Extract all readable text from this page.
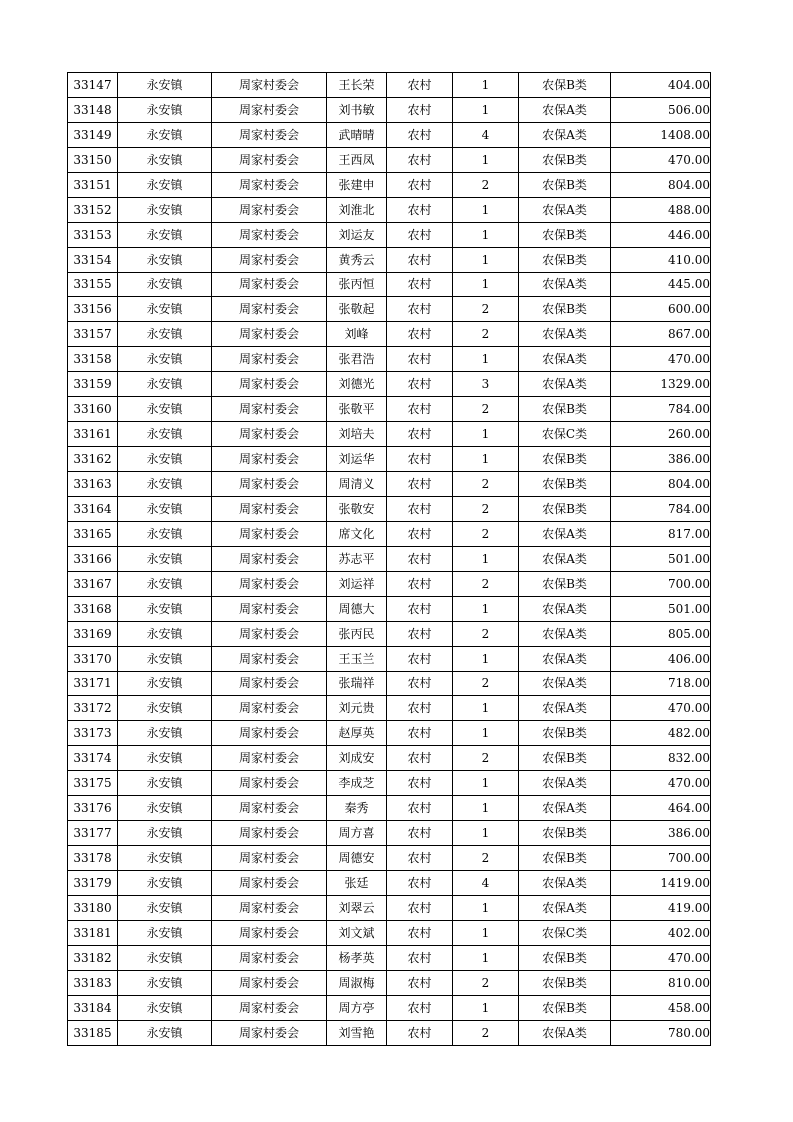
33147	永安镇	周家村委会	王长荣	农村	1	农保B类	404.00
33148	永安镇	周家村委会	刘书敏	农村	1	农保A类	506.00
33149	永安镇	周家村委会	武晴晴	农村	4	农保A类	1408.00
33150	永安镇	周家村委会	王西凤	农村	1	农保B类	470.00
33151	永安镇	周家村委会	张建申	农村	2	农保B类	804.00
33152	永安镇	周家村委会	刘淮北	农村	1	农保A类	488.00
33153	永安镇	周家村委会	刘运友	农村	1	农保B类	446.00
33154	永安镇	周家村委会	黄秀云	农村	1	农保B类	410.00
33155	永安镇	周家村委会	张丙恒	农村	1	农保A类	445.00
33156	永安镇	周家村委会	张敬起	农村	2	农保B类	600.00
33157	永安镇	周家村委会	刘峰	农村	2	农保A类	867.00
33158	永安镇	周家村委会	张君浩	农村	1	农保A类	470.00
33159	永安镇	周家村委会	刘德光	农村	3	农保A类	1329.00
33160	永安镇	周家村委会	张敬平	农村	2	农保B类	784.00
33161	永安镇	周家村委会	刘培夫	农村	1	农保C类	260.00
33162	永安镇	周家村委会	刘运华	农村	1	农保B类	386.00
33163	永安镇	周家村委会	周清义	农村	2	农保B类	804.00
33164	永安镇	周家村委会	张敬安	农村	2	农保B类	784.00
33165	永安镇	周家村委会	席文化	农村	2	农保A类	817.00
33166	永安镇	周家村委会	苏志平	农村	1	农保A类	501.00
33167	永安镇	周家村委会	刘运祥	农村	2	农保B类	700.00
33168	永安镇	周家村委会	周德大	农村	1	农保A类	501.00
33169	永安镇	周家村委会	张丙民	农村	2	农保A类	805.00
33170	永安镇	周家村委会	王玉兰	农村	1	农保A类	406.00
33171	永安镇	周家村委会	张瑞祥	农村	2	农保A类	718.00
33172	永安镇	周家村委会	刘元贵	农村	1	农保A类	470.00
33173	永安镇	周家村委会	赵厚英	农村	1	农保B类	482.00
33174	永安镇	周家村委会	刘成安	农村	2	农保B类	832.00
33175	永安镇	周家村委会	李成芝	农村	1	农保A类	470.00
33176	永安镇	周家村委会	秦秀	农村	1	农保A类	464.00
33177	永安镇	周家村委会	周方喜	农村	1	农保B类	386.00
33178	永安镇	周家村委会	周德安	农村	2	农保B类	700.00
33179	永安镇	周家村委会	张廷	农村	4	农保A类	1419.00
33180	永安镇	周家村委会	刘翠云	农村	1	农保A类	419.00
33181	永安镇	周家村委会	刘文斌	农村	1	农保C类	402.00
33182	永安镇	周家村委会	杨孝英	农村	1	农保B类	470.00
33183	永安镇	周家村委会	周淑梅	农村	2	农保B类	810.00
33184	永安镇	周家村委会	周方亭	农村	1	农保B类	458.00
33185	永安镇	周家村委会	刘雪艳	农村	2	农保A类	780.00
